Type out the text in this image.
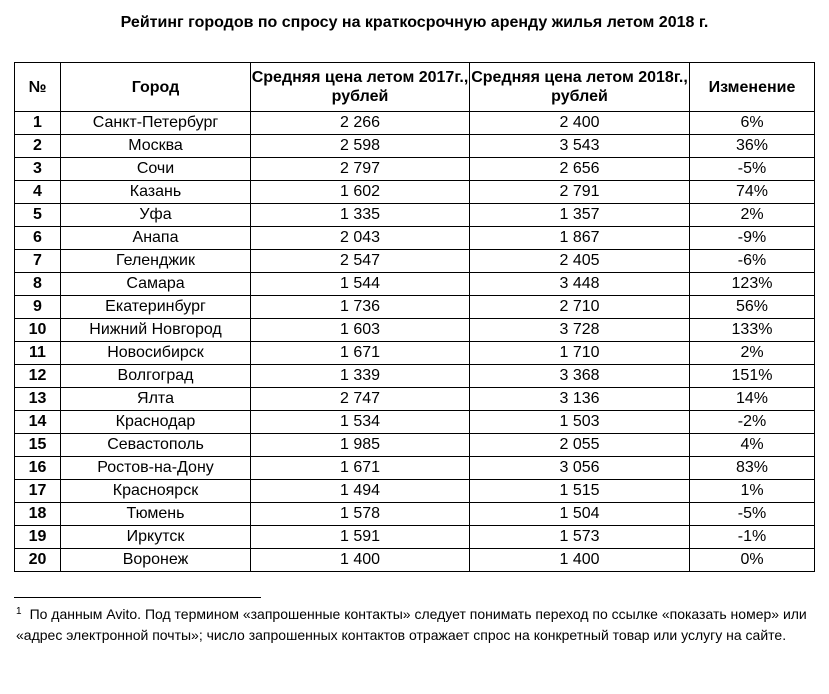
Рейтинг городов по спросу на краткосрочную аренду жилья летом 2018 г.
№	Город	Средняя цена летом 2017г., рублей	Средняя цена летом 2018г., рублей	Изменение
1	Санкт-Петербург	2 266	2 400	6%
2	Москва	2 598	3 543	36%
3	Сочи	2 797	2 656	-5%
4	Казань	1 602	2 791	74%
5	Уфа	1 335	1 357	2%
6	Анапа	2 043	1 867	-9%
7	Геленджик	2 547	2 405	-6%
8	Самара	1 544	3 448	123%
9	Екатеринбург	1 736	2 710	56%
10	Нижний Новгород	1 603	3 728	133%
11	Новосибирск	1 671	1 710	2%
12	Волгоград	1 339	3 368	151%
13	Ялта	2 747	3 136	14%
14	Краснодар	1 534	1 503	-2%
15	Севастополь	1 985	2 055	4%
16	Ростов-на-Дону	1 671	3 056	83%
17	Красноярск	1 494	1 515	1%
18	Тюмень	1 578	1 504	-5%
19	Иркутск	1 591	1 573	-1%
20	Воронеж	1 400	1 400	0%
$^1$ По данным Avito. Под термином «запрошенные контакты» следует понимать переход по ссылке «показать номер» или «адрес электронной почты»; число запрошенных контактов отражает спрос на конкретный товар или услугу на сайте.
